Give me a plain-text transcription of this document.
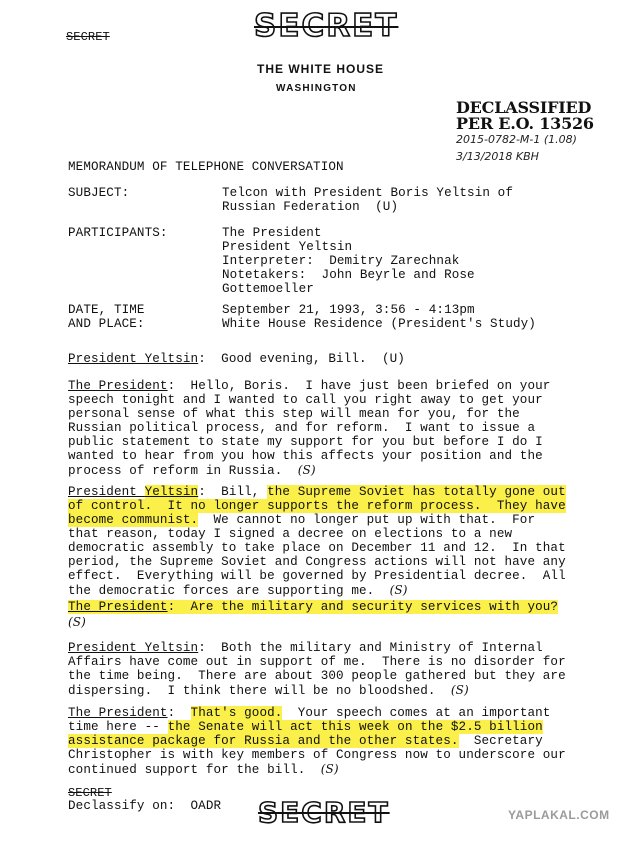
SECRET	SECRET
THE WHITE HOUSE
WASHINGTON
DECLASSIFIED
PER E.O. 13526
2015-0782-M-1 (1.08)
3/13/2018 KBH
MEMORANDUM OF TELEPHONE CONVERSATION
SUBJECT:	Telcon with President Boris Yeltsin of
Russian Federation  (U)
PARTICIPANTS:	The President
President Yeltsin
Interpreter:  Demitry Zarechnak
Notetakers:  John Beyrle and Rose
Gottemoeller
DATE, TIME
AND PLACE:
September 21, 1993, 3:56 - 4:13pm
White House Residence (President's Study)
President Yeltsin:  Good evening, Bill.  (U)
The President:  Hello, Boris.  I have just been briefed on your
speech tonight and I wanted to call you right away to get your
personal sense of what this step will mean for you, for the
Russian political process, and for reform.  I want to issue a
public statement to state my support for you but before I do I
wanted to hear from you how this affects your position and the
process of reform in Russia. (S)
President Yeltsin:  Bill, the Supreme Soviet has totally gone out
of control.  It no longer supports the reform process.  They have
become communist.  We cannot no longer put up with that.  For
that reason, today I signed a decree on elections to a new
democratic assembly to take place on December 11 and 12.  In that
period, the Supreme Soviet and Congress actions will not have any
effect.  Everything will be governed by Presidential decree.  All
the democratic forces are supporting me. (S)
The President:  Are the military and security services with you?
(S)
President Yeltsin:  Both the military and Ministry of Internal
Affairs have come out in support of me.  There is no disorder for
the time being.  There are about 300 people gathered but they are
dispersing.  I think there will be no bloodshed. (S)
The President:  That's good.  Your speech comes at an important
time here -- the Senate will act this week on the $2.5 billion
assistance package for Russia and the other states.  Secretary
Christopher is with key members of Congress now to underscore our
continued support for the bill. (S)
SECRET
Declassify on:  OADR SECRET	YAPLAKAL.COM
